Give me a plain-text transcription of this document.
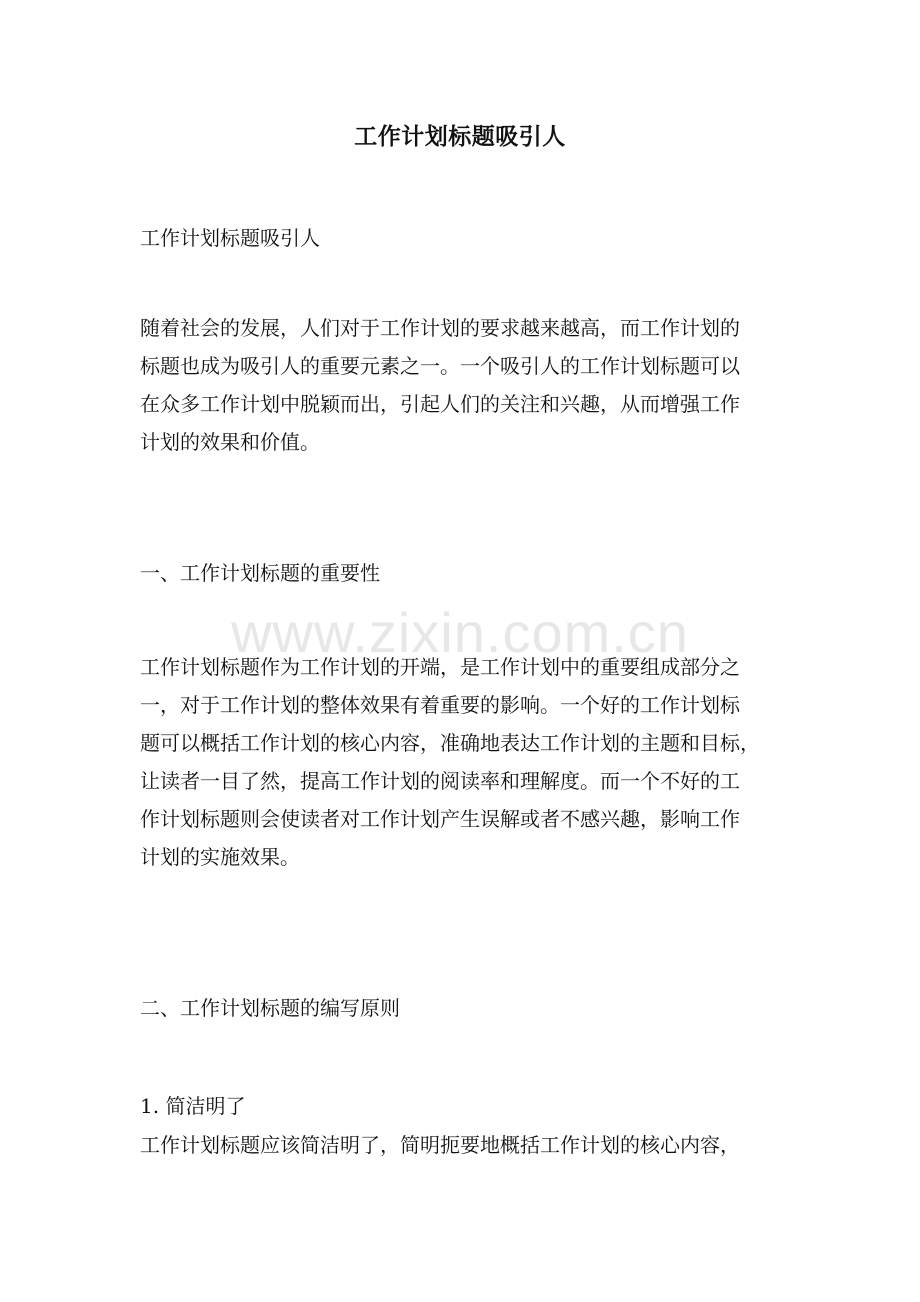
工作计划标题吸引人

工作计划标题吸引人

随着社会的发展，人们对于工作计划的要求越来越高，而工作计划的
标题也成为吸引人的重要元素之一。一个吸引人的工作计划标题可以
在众多工作计划中脱颖而出，引起人们的关注和兴趣，从而增强工作
计划的效果和价值。

一、工作计划标题的重要性

工作计划标题作为工作计划的开端，是工作计划中的重要组成部分之
一，对于工作计划的整体效果有着重要的影响。一个好的工作计划标
题可以概括工作计划的核心内容，准确地表达工作计划的主题和目标，
让读者一目了然，提高工作计划的阅读率和理解度。而一个不好的工
作计划标题则会使读者对工作计划产生误解或者不感兴趣，影响工作
计划的实施效果。

二、工作计划标题的编写原则

1. 简洁明了

工作计划标题应该简洁明了，简明扼要地概括工作计划的核心内容，
www.zixin.com.cn
